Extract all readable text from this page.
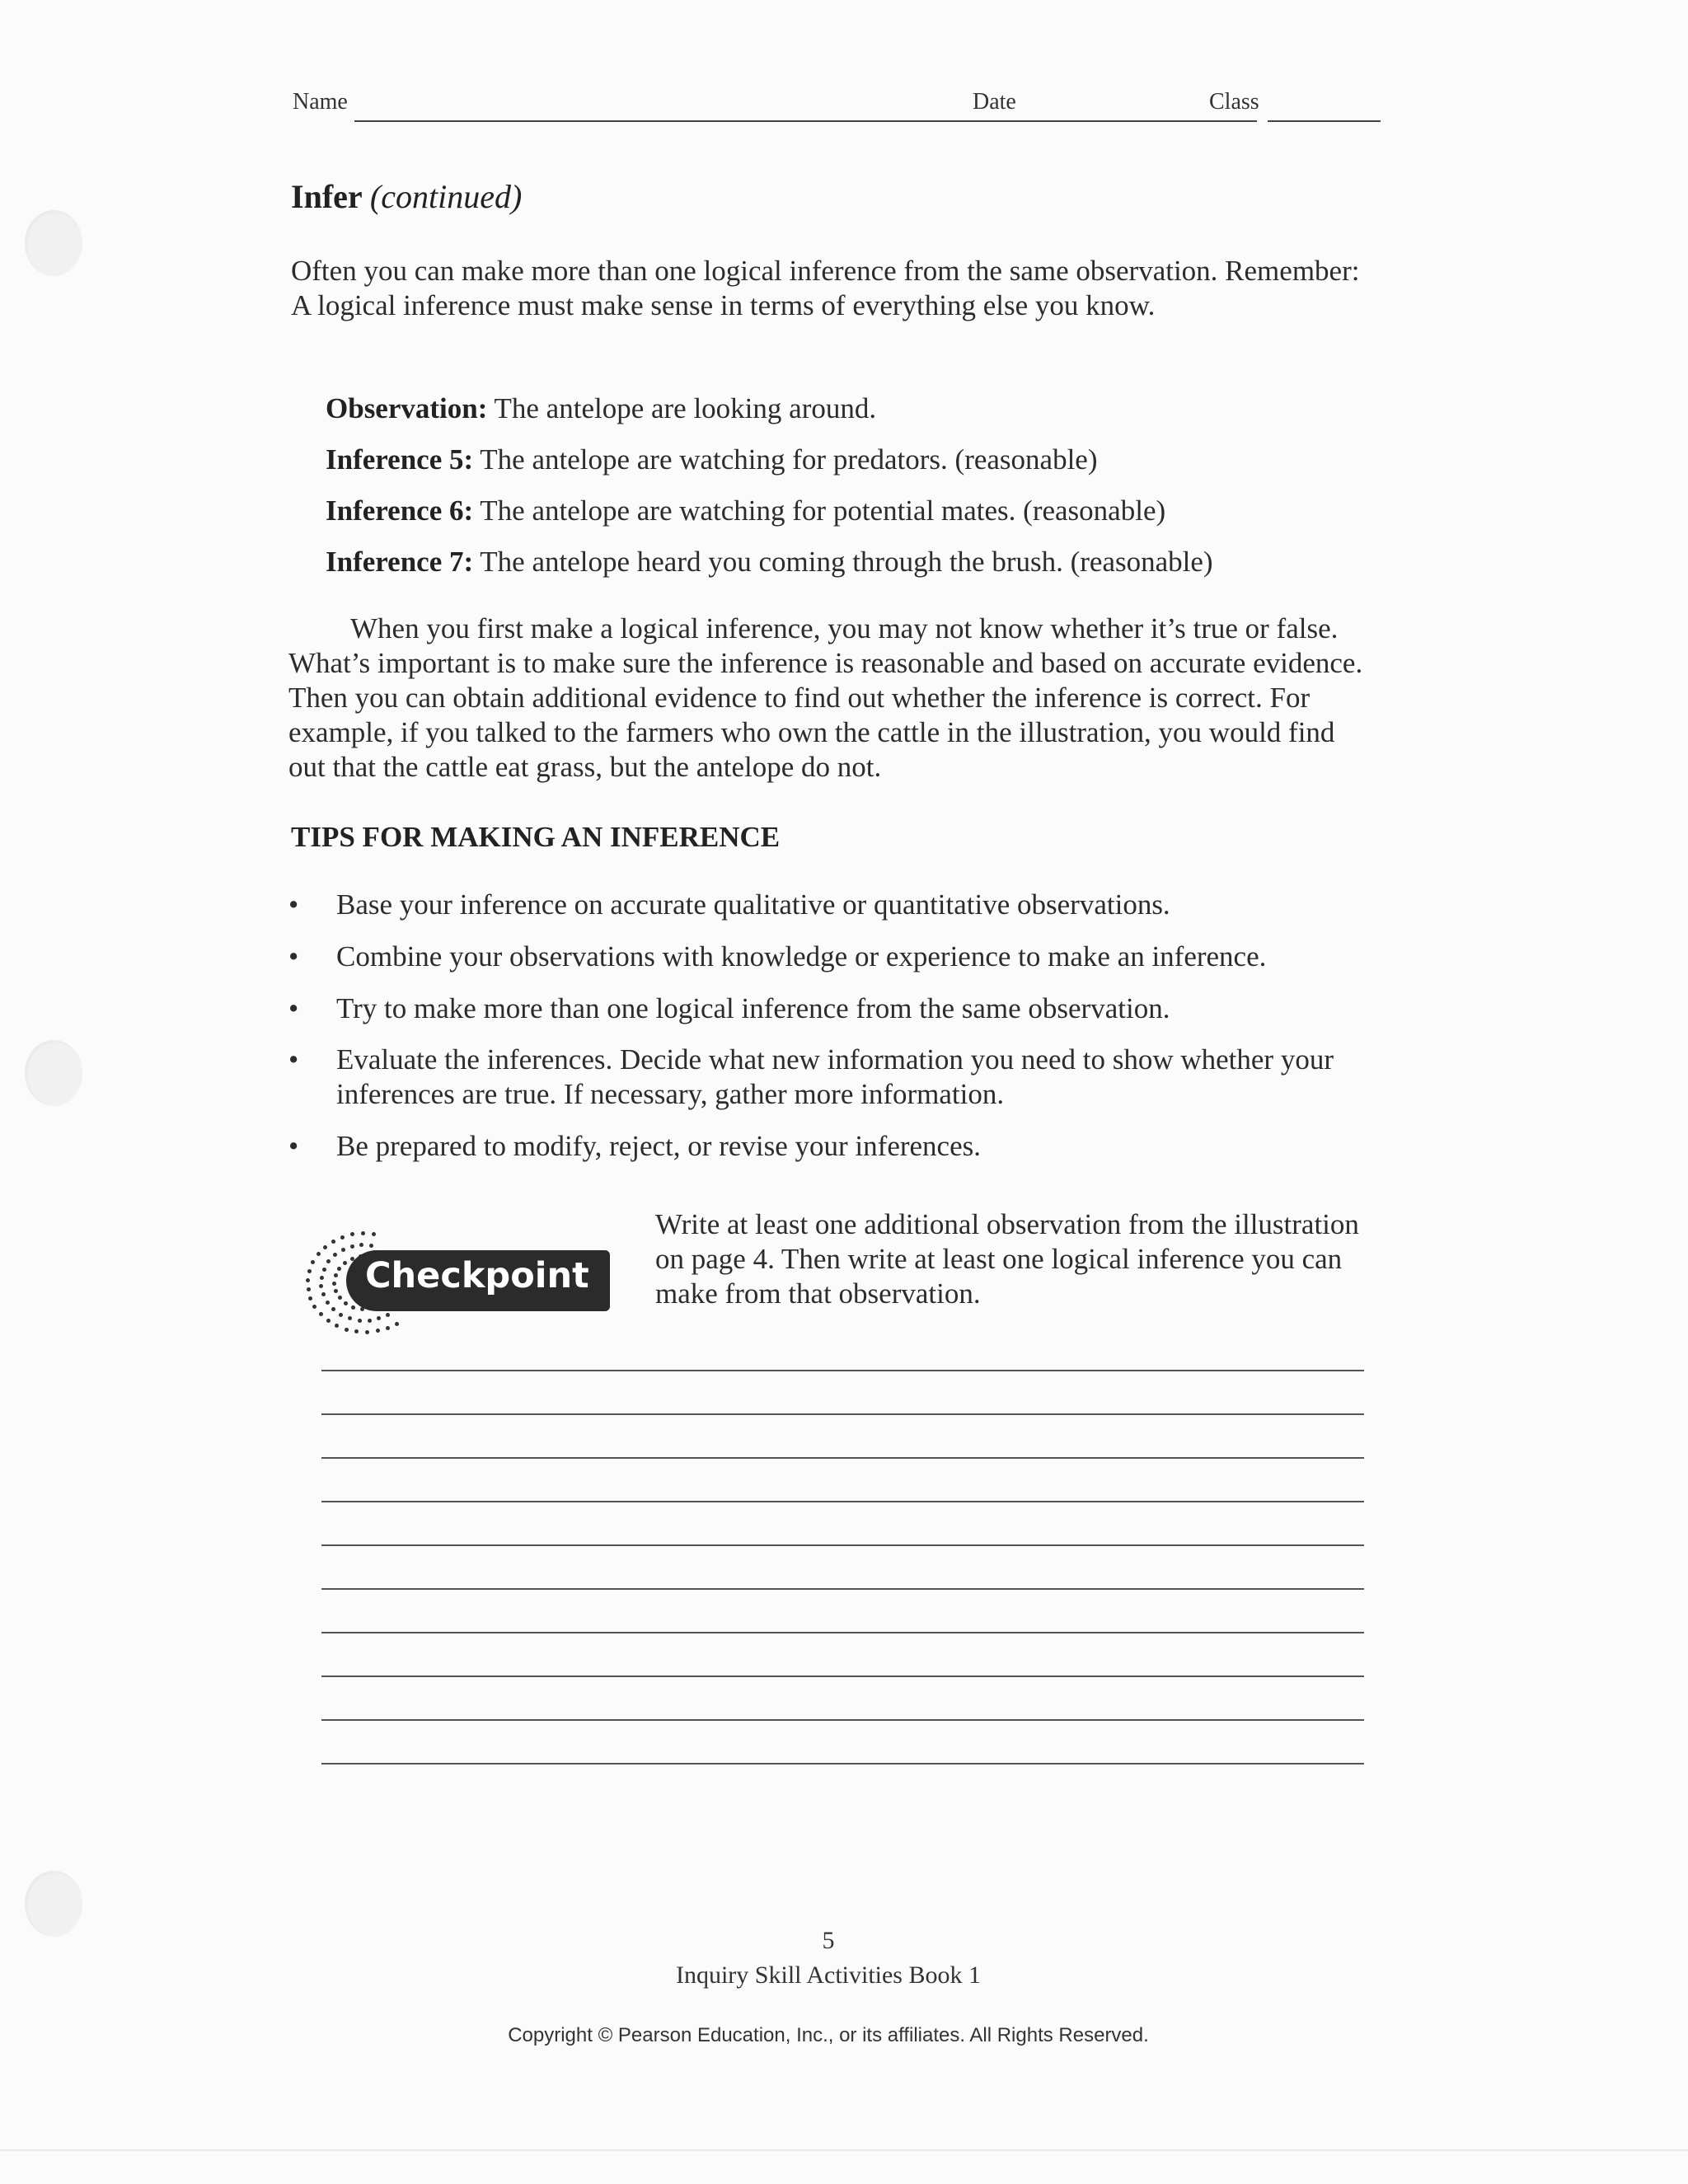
Name	Date	Class
Infer (continued)
Often you can make more than one logical inference from the same observation. Remember: A logical inference must make sense in terms of everything else you know.
Observation: The antelope are looking around.
Inference 5: The antelope are watching for predators. (reasonable)
Inference 6: The antelope are watching for potential mates. (reasonable)
Inference 7: The antelope heard you coming through the brush. (reasonable)
When you first make a logical inference, you may not know whether it’s true or false. What’s important is to make sure the inference is reasonable and based on accurate evidence. Then you can obtain additional evidence to find out whether the inference is correct. For example, if you talked to the farmers who own the cattle in the illustration, you would find out that the cattle eat grass, but the antelope do not.
TIPS FOR MAKING AN INFERENCE
•	Base your inference on accurate qualitative or quantitative observations.
•	Combine your observations with knowledge or experience to make an inference.
•	Try to make more than one logical inference from the same observation.
•	Evaluate the inferences. Decide what new information you need to show whether your inferences are true. If necessary, gather more information.
•	Be prepared to modify, reject, or revise your inferences.
Checkpoint
Write at least one additional observation from the illustration on page 4. Then write at least one logical inference you can make from that observation.
5
Inquiry Skill Activities Book 1
Copyright © Pearson Education, Inc., or its affiliates. All Rights Reserved.
